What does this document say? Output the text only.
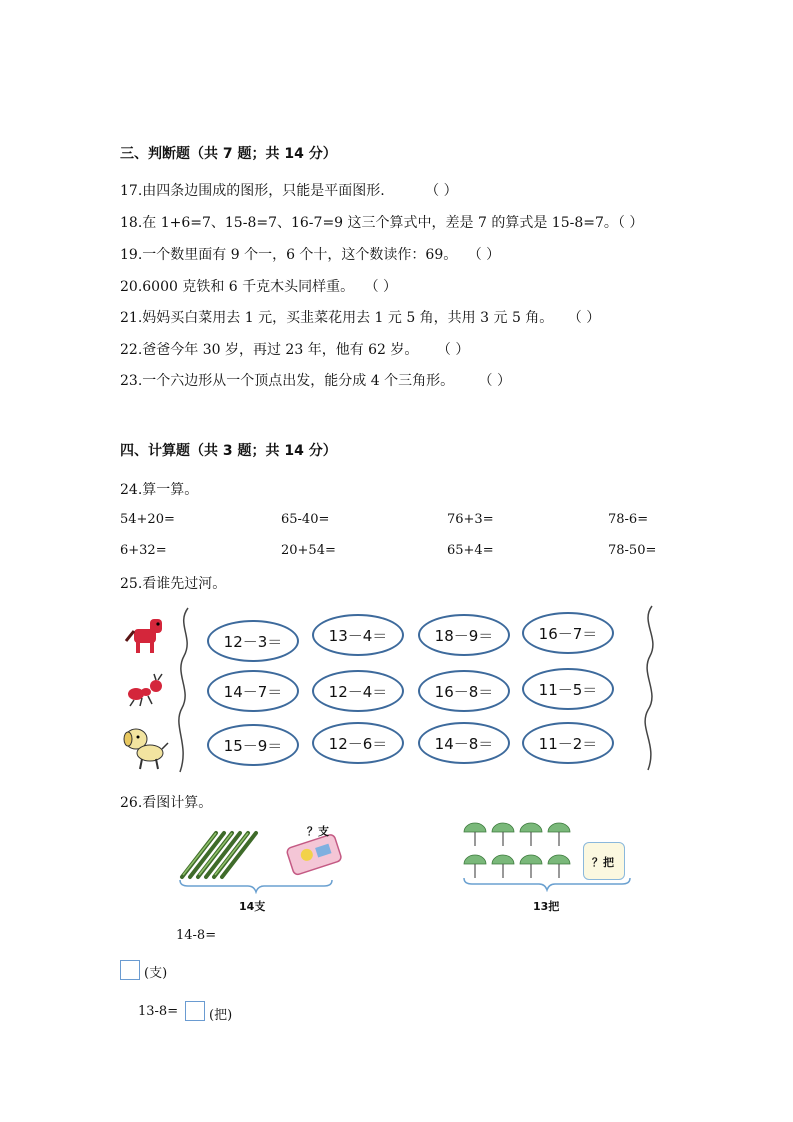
三、判断题（共 7 题；共 14 分）
17.由四条边围成的图形，只能是平面图形.	（ ）
18.在 1+6=7、15-8=7、16-7=9 这三个算式中，差是 7 的算式是 15-8=7。（ ）
19.一个数里面有 9 个一，6 个十，这个数读作：69。 （ ）
20.6000 克铁和 6 千克木头同样重。 （ ）
21.妈妈买白菜用去 1 元，买韭菜花用去 1 元 5 角，共用 3 元 5 角。 （ ）
22.爸爸今年 30 岁，再过 23 年，他有 62 岁。 （ ）
23.一个六边形从一个顶点出发，能分成 4 个三角形。 （ ）
四、计算题（共 3 题；共 14 分）
24.算一算。
54+20=	65-40=	76+3=	78-6=
6+32=	20+54=	65+4=	78-50=
25.看谁先过河。
12－3＝	13－4＝	18－9＝	16－7＝
14－7＝	12－4＝	16－8＝	11－5＝
15－9＝	12－6＝	14－8＝	11－2＝
26.看图计算。
？支
14支
？把
13把
14-8=
(支)
13-8= (把)
